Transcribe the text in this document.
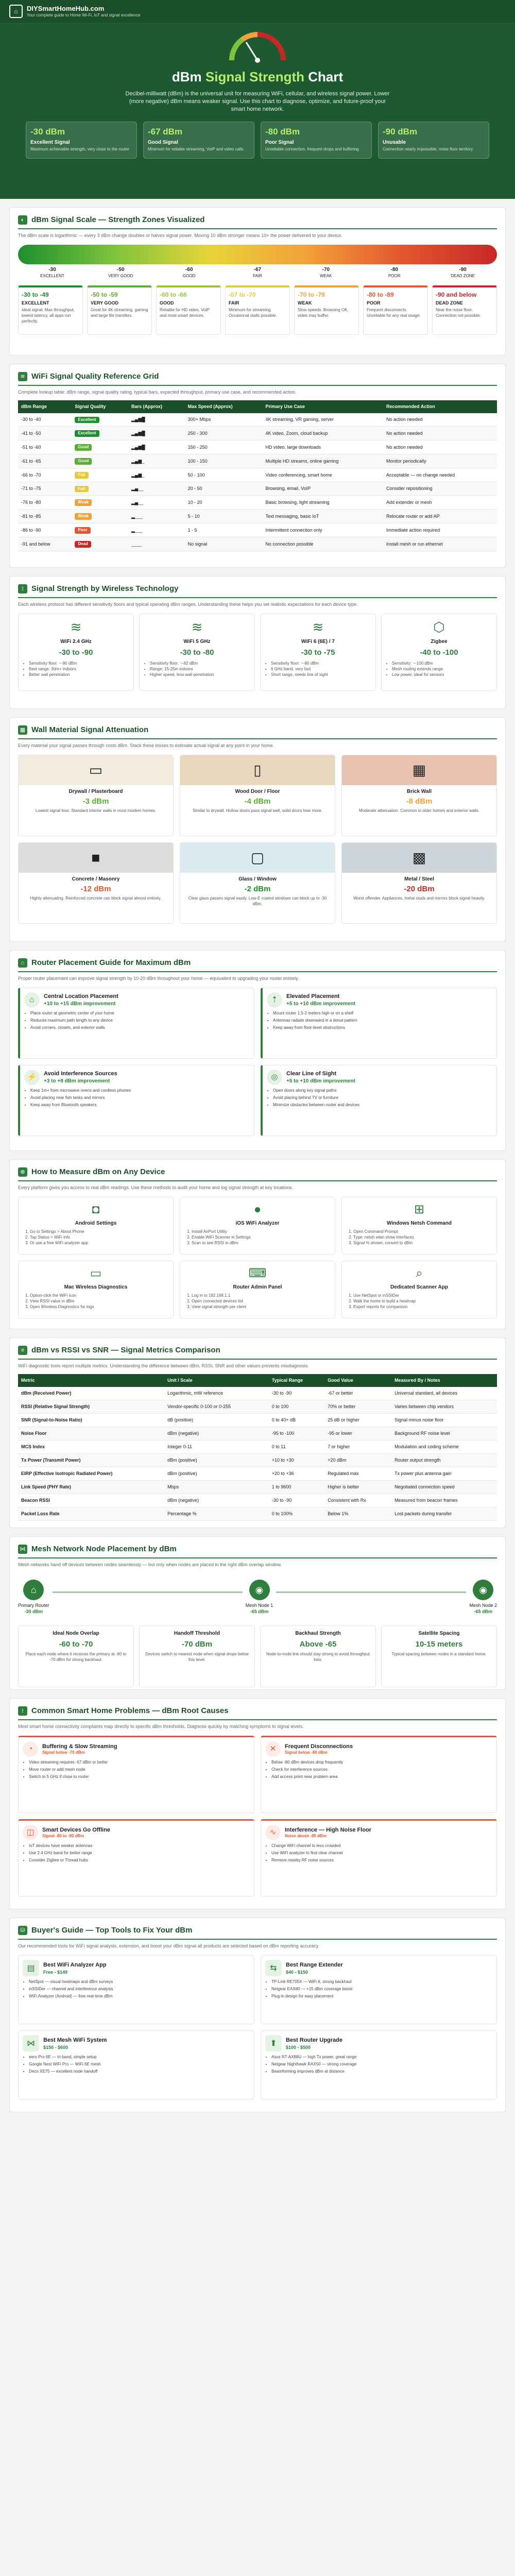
⌂	DIYSmartHomeHub.com
Your complete guide to Home Wi-Fi, IoT and signal excellence
dBm Signal Strength Chart

Decibel-milliwatt (dBm) is the universal unit for measuring WiFi, cellular, and wireless signal power. Lower (more negative) dBm means weaker signal. Use this chart to diagnose, optimize, and future-proof your smart home network.

-30 dBm
Excellent Signal
Maximum achievable strength, very close to the router
-67 dBm
Good Signal
Minimum for reliable streaming, VoIP and video calls
-80 dBm
Poor Signal
Unreliable connection, frequent drops and buffering
-90 dBm
Unusable
Connection nearly impossible, noise floor territory
◐ dBm Signal Scale — Strength Zones Visualized
The dBm scale is logarithmic — every 3 dBm change doubles or halves signal power. Moving 10 dBm stronger means 10× the power delivered to your device.
-30
EXCELLENT
-50
VERY GOOD
-60
GOOD
-67
FAIR
-70
WEAK
-80
POOR
-90
DEAD ZONE
-30 to -49
EXCELLENT
Ideal signal. Max throughput, lowest latency, all apps run perfectly.
-50 to -59
VERY GOOD
Great for 4K streaming, gaming and large file transfers.
-60 to -66
GOOD
Reliable for HD video, VoIP and most smart devices.
-67 to -70
FAIR
Minimum for streaming. Occasional stalls possible.
-70 to -79
WEAK
Slow speeds. Browsing OK, video may buffer.
-80 to -89
POOR
Frequent disconnects. Unreliable for any real usage.
-90 and below
DEAD ZONE
Near the noise floor. Connection not possible.
≋ WiFi Signal Quality Reference Grid
Complete lookup table: dBm range, signal quality rating, typical bars, expected throughput, primary use case, and recommended action.
dBm Range	Signal Quality	Bars (Approx)	Max Speed (Approx)	Primary Use Case	Recommended Action
-30 to -40	Excellent	▂▄▆█	300+ Mbps	4K streaming, VR gaming, server	No action needed
-41 to -50	Excellent	▂▄▆█	250 - 300	4K video, Zoom, cloud backup	No action needed
-51 to -60	Good	▂▄▆█	150 - 250	HD video, large downloads	No action needed
-61 to -65	Good	▂▄▆_	100 - 150	Multiple HD streams, online gaming	Monitor periodically
-66 to -70	Fair	▂▄▆_	50 - 100	Video conferencing, smart home	Acceptable — no change needed
-71 to -75	Fair	▂▄__	20 - 50	Browsing, email, VoIP	Consider repositioning
-76 to -80	Weak	▂▄__	10 - 20	Basic browsing, light streaming	Add extender or mesh
-81 to -85	Weak	▂___	5 - 10	Text messaging, basic IoT	Relocate router or add AP
-86 to -90	Poor	▂___	1 - 5	Intermittent connection only	Immediate action required
-91 and below	Dead	____	No signal	No connection possible	Install mesh or run ethernet
⟟ Signal Strength by Wireless Technology
Each wireless protocol has different sensitivity floors and typical operating dBm ranges. Understanding these helps you set realistic expectations for each device type.
≋
WiFi 2.4 GHz
-30 to -90
• Sensitivity floor: ~-90 dBm
• Best range: 30m+ indoors
• Better wall penetration
≋
WiFi 5 GHz
-30 to -80
• Sensitivity floor: ~-82 dBm
• Range: 15-25m indoors
• Higher speed, less wall penetration
≋
WiFi 6 (6E) / 7
-30 to -75
• Sensitivity floor: ~-80 dBm
• 6 GHz band, very fast
• Short range, needs line of sight
⬡
Zigbee
-40 to -100
• Sensitivity: ~-100 dBm
• Mesh routing extends range
• Low power, ideal for sensors
▦ Wall Material Signal Attenuation
Every material your signal passes through costs dBm. Stack these losses to estimate actual signal at any point in your home.
▭
Drywall / Plasterboard
-3 dBm
Lowest signal loss. Standard interior walls in most modern homes.
▯
Wood Door / Floor
-4 dBm
Similar to drywall. Hollow doors pass signal well, solid doors lose more.
▦
Brick Wall
-8 dBm
Moderate attenuation. Common in older homes and exterior walls.
■
Concrete / Masonry
-12 dBm
Highly attenuating. Reinforced concrete can block signal almost entirely.
▢
Glass / Window
-2 dBm
Clear glass passes signal easily. Low-E coated windows can block up to -30 dBm.
▩
Metal / Steel
-20 dBm
Worst offender. Appliances, metal studs and mirrors block signal heavily.
⌂ Router Placement Guide for Maximum dBm
Proper router placement can improve signal strength by 10-20 dBm throughout your home — equivalent to upgrading your router entirely.
⌂	Central Location Placement
+10 to +15 dBm improvement
• Place router at geometric center of your home
• Reduces maximum path length to any device
• Avoid corners, closets, and exterior walls
⇡	Elevated Placement
+5 to +10 dBm improvement
• Mount router 1.5-2 meters high or on a shelf
• Antennas radiate downward in a donut pattern
• Keep away from floor-level obstructions
⚡	Avoid Interference Sources
+3 to +8 dBm improvement
• Keep 1m+ from microwave ovens and cordless phones
• Avoid placing near fish tanks and mirrors
• Keep away from Bluetooth speakers
◎	Clear Line of Sight
+5 to +10 dBm improvement
• Open doors along key signal paths
• Avoid placing behind TV or furniture
• Minimize obstacles between router and devices
⊕ How to Measure dBm on Any Device
Every platform gives you access to real dBm readings. Use these methods to audit your home and log signal strength at key locations.
◘
Android Settings
1. Go to Settings > About Phone
2. Tap Status > WiFi info
3. Or use a free WiFi analyzer app
●
iOS WiFi Analyzer
1. Install AirPort Utility
2. Enable WiFi Scanner in Settings
3. Scan to see RSSI in dBm
⊞
Windows Netsh Command
1. Open Command Prompt
2. Type: netsh wlan show interfaces
3. Signal % shown, convert to dBm
▭
Mac Wireless Diagnostics
1. Option-click the WiFi icon
2. View RSSI value in dBm
3. Open Wireless Diagnostics for logs
⌨
Router Admin Panel
1. Log in to 192.168.1.1
2. Open connected devices list
3. View signal strength per client
⌕
Dedicated Scanner App
1. Use NetSpot or inSSIDer
2. Walk the home to build a heatmap
3. Export reports for comparison
≡ dBm vs RSSI vs SNR — Signal Metrics Comparison
WiFi diagnostic tools report multiple metrics. Understanding the difference between dBm, RSSI, SNR and other values prevents misdiagnosis.
Metric	Unit / Scale	Typical Range	Good Value	Measured By / Notes
dBm (Received Power)	Logarithmic, mW reference	-30 to -90	-67 or better	Universal standard, all devices
RSSI (Relative Signal Strength)	Vendor-specific 0-100 or 0-255	0 to 100	70% or better	Varies between chip vendors
SNR (Signal-to-Noise Ratio)	dB (positive)	0 to 40+ dB	25 dB or higher	Signal minus noise floor
Noise Floor	dBm (negative)	-95 to -100	-95 or lower	Background RF noise level
MCS Index	Integer 0-11	0 to 11	7 or higher	Modulation and coding scheme
Tx Power (Transmit Power)	dBm (positive)	+10 to +30	+20 dBm	Router output strength
EIRP (Effective Isotropic Radiated Power)	dBm (positive)	+20 to +36	Regulated max	Tx power plus antenna gain
Link Speed (PHY Rate)	Mbps	1 to 9600	Higher is better	Negotiated connection speed
Beacon RSSI	dBm (negative)	-30 to -90	Consistent with Rx	Measured from beacon frames
Packet Loss Rate	Percentage %	0 to 100%	Below 1%	Lost packets during transfer
⋈ Mesh Network Node Placement by dBm
Mesh networks hand off devices between nodes seamlessly — but only when nodes are placed in the right dBm overlap window.
⌂
Primary Router
-30 dBm
◉
Mesh Node 1
-65 dBm
◉
Mesh Node 2
-65 dBm
Ideal Node Overlap
-60 to -70
Place each node where it receives the primary at -60 to -70 dBm for strong backhaul.
Handoff Threshold
-70 dBm
Devices switch to nearest node when signal drops below this level.
Backhaul Strength
Above -65
Node-to-node link should stay strong to avoid throughput loss.
Satellite Spacing
10-15 meters
Typical spacing between nodes in a standard home.
!	Common Smart Home Problems — dBm Root Causes
Most smart home connectivity complaints map directly to specific dBm thresholds. Diagnose quickly by matching symptoms to signal levels.
◔	Buffering & Slow Streaming
Signal below -70 dBm
• Video streaming requires -67 dBm or better
• Move router or add mesh node
• Switch to 5 GHz if close to router
✕	Frequent Disconnections
Signal below -80 dBm
• Below -80 dBm devices drop frequently
• Check for interference sources
• Add access point near problem area
◫	Smart Devices Go Offline
Signal -80 to -90 dBm
• IoT devices have weaker antennas
• Use 2.4 GHz band for better range
• Consider Zigbee or Thread hubs
∿	Interference — High Noise Floor
Noise above -85 dBm
• Change WiFi channel to less crowded
• Use WiFi analyzer to find clear channel
• Remove nearby RF noise sources
⛁ Buyer's Guide — Top Tools to Fix Your dBm
Our recommended tools for WiFi signal analysis, extension, and boost your dBm signal all products are selected based on dBm reporting accuracy.
▤	Best WiFi Analyzer App
Free - $149
• NetSpot — visual heatmaps and dBm surveys
• inSSIDer — channel and interference analysis
• WiFi Analyzer (Android) — free real-time dBm
⇆	Best Range Extender
$40 - $150
• TP-Link RE705X — WiFi 6, strong backhaul
• Netgear EAX80 — +15 dBm coverage boost
• Plug-in design for easy placement
⋈	Best Mesh WiFi System
$150 - $600
• eero Pro 6E — tri-band, simple setup
• Google Nest WiFi Pro — WiFi 6E mesh
• Deco XE75 — excellent node handoff
⬆	Best Router Upgrade
$100 - $500
• Asus RT-AX88U — high Tx power, great range
• Netgear Nighthawk RAX50 — strong coverage
• Beamforming improves dBm at distance
